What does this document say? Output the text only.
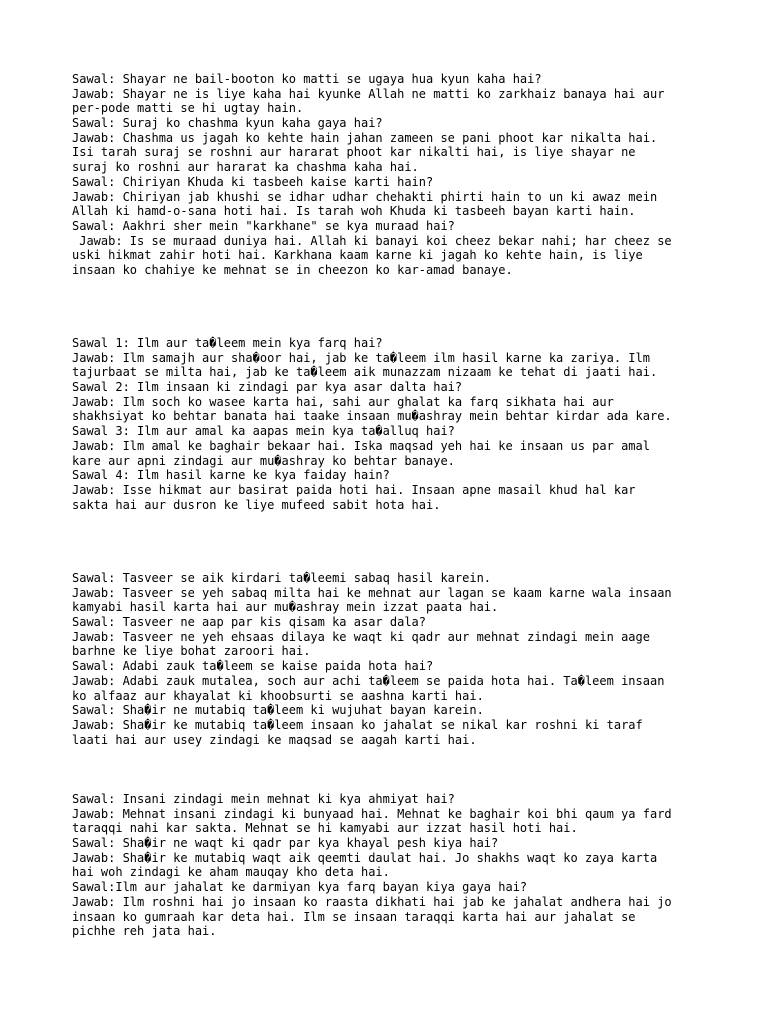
Sawal: Shayar ne bail-booton ko matti se ugaya hua kyun kaha hai?
Jawab: Shayar ne is liye kaha hai kyunke Allah ne matti ko zarkhaiz banaya hai aur
per-pode matti se hi ugtay hain.
Sawal: Suraj ko chashma kyun kaha gaya hai?
Jawab: Chashma us jagah ko kehte hain jahan zameen se pani phoot kar nikalta hai.
Isi tarah suraj se roshni aur hararat phoot kar nikalti hai, is liye shayar ne
suraj ko roshni aur hararat ka chashma kaha hai.
Sawal: Chiriyan Khuda ki tasbeeh kaise karti hain?
Jawab: Chiriyan jab khushi se idhar udhar chehakti phirti hain to un ki awaz mein
Allah ki hamd-o-sana hoti hai. Is tarah woh Khuda ki tasbeeh bayan karti hain.
Sawal: Aakhri sher mein "karkhane" se kya muraad hai?
Jawab: Is se muraad duniya hai. Allah ki banayi koi cheez bekar nahi; har cheez se
uski hikmat zahir hoti hai. Karkhana kaam karne ki jagah ko kehte hain, is liye
insaan ko chahiye ke mehnat se in cheezon ko kar-amad banaye.
Sawal 1: Ilm aur ta�leem mein kya farq hai?
Jawab: Ilm samajh aur sha�oor hai, jab ke ta�leem ilm hasil karne ka zariya. Ilm
tajurbaat se milta hai, jab ke ta�leem aik munazzam nizaam ke tehat di jaati hai.
Sawal 2: Ilm insaan ki zindagi par kya asar dalta hai?
Jawab: Ilm soch ko wasee karta hai, sahi aur ghalat ka farq sikhata hai aur
shakhsiyat ko behtar banata hai taake insaan mu�ashray mein behtar kirdar ada kare.
Sawal 3: Ilm aur amal ka aapas mein kya ta�alluq hai?
Jawab: Ilm amal ke baghair bekaar hai. Iska maqsad yeh hai ke insaan us par amal
kare aur apni zindagi aur mu�ashray ko behtar banaye.
Sawal 4: Ilm hasil karne ke kya faiday hain?
Jawab: Isse hikmat aur basirat paida hoti hai. Insaan apne masail khud hal kar
sakta hai aur dusron ke liye mufeed sabit hota hai.
Sawal: Tasveer se aik kirdari ta�leemi sabaq hasil karein.
Jawab: Tasveer se yeh sabaq milta hai ke mehnat aur lagan se kaam karne wala insaan
kamyabi hasil karta hai aur mu�ashray mein izzat paata hai.
Sawal: Tasveer ne aap par kis qisam ka asar dala?
Jawab: Tasveer ne yeh ehsaas dilaya ke waqt ki qadr aur mehnat zindagi mein aage
barhne ke liye bohat zaroori hai.
Sawal: Adabi zauk ta�leem se kaise paida hota hai?
Jawab: Adabi zauk mutalea, soch aur achi ta�leem se paida hota hai. Ta�leem insaan
ko alfaaz aur khayalat ki khoobsurti se aashna karti hai.
Sawal: Sha�ir ne mutabiq ta�leem ki wujuhat bayan karein.
Jawab: Sha�ir ke mutabiq ta�leem insaan ko jahalat se nikal kar roshni ki taraf
laati hai aur usey zindagi ke maqsad se aagah karti hai.
Sawal: Insani zindagi mein mehnat ki kya ahmiyat hai?
Jawab: Mehnat insani zindagi ki bunyaad hai. Mehnat ke baghair koi bhi qaum ya fard
taraqqi nahi kar sakta. Mehnat se hi kamyabi aur izzat hasil hoti hai.
Sawal: Sha�ir ne waqt ki qadr par kya khayal pesh kiya hai?
Jawab: Sha�ir ke mutabiq waqt aik qeemti daulat hai. Jo shakhs waqt ko zaya karta
hai woh zindagi ke aham mauqay kho deta hai.
Sawal:Ilm aur jahalat ke darmiyan kya farq bayan kiya gaya hai?
Jawab: Ilm roshni hai jo insaan ko raasta dikhati hai jab ke jahalat andhera hai jo
insaan ko gumraah kar deta hai. Ilm se insaan taraqqi karta hai aur jahalat se
pichhe reh jata hai.
